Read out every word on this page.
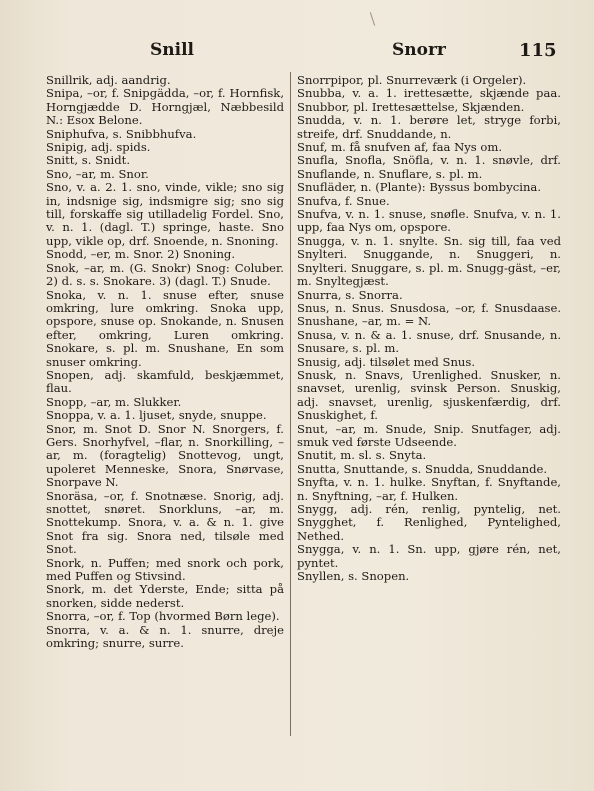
Snill	Snorr	115

Snillrik, adj. aandrig.

Snipa, –or, f. Snipgädda, –or, f. Hornfisk, Horngjædde D. Horngjæl, Næbbesild N.: Esox Belone.

Sniphufva, s. Snibbhufva.

Snipig, adj. spids.

Snitt, s. Snidt.

Sno, –ar, m. Snor.

Sno, v. a. 2. 1. sno, vinde, vikle; sno sig in, indsnige sig, indsmigre sig; sno sig till, forskaffe sig utilladelig Fordel. Sno, v. n. 1. (dagl. T.) springe, haste. Sno upp, vikle op, drf. Snoende, n. Snoning.

Snodd, –er, m. Snor. 2) Snoning.

Snok, –ar, m. (G. Snokr) Snog: Coluber. 2) d. s. s. Snokare. 3) (dagl. T.) Snude.

Snoka, v. n. 1. snuse efter, snuse omkring, lure omkring. Snoka upp, opspore, snuse op. Snokande, n. Snusen efter, omkring, Luren omkring. Snokare, s. pl. m. Snushane, En som snuser omkring.

Snopen, adj. skamfuld, beskjæmmet, flau.

Snopp, –ar, m. Slukker.

Snoppa, v. a. 1. ljuset, snyde, snuppe.

Snor, m. Snot D. Snor N. Snorgers, f. Gers. Snorhyfvel, –flar, n. Snorkilling, –ar, m. (foragtelig) Snottevog, ungt, upoleret Menneske, Snora, Snørvase, Snorpave N.

Snoräsa, –or, f. Snotnæse. Snorig, adj. snottet, snøret. Snorkluns, –ar, m. Snottekump. Snora, v. a. & n. 1. give Snot fra sig. Snora ned, tilsøle med Snot.

Snork, n. Puffen; med snork och pork, med Puffen og Stivsind.

Snork, m. det Yderste, Ende; sitta på snorken, sidde nederst.

Snorra, –or, f. Top (hvormed Børn lege).

Snorra, v. a. & n. 1. snurre, dreje omkring; snurre, surre.

Snorrpipor, pl. Snurreværk (i Orgeler).

Snubba, v. a. 1. irettesætte, skjænde paa. Snubbor, pl. Irettesættelse, Skjænden.

Snudda, v. n. 1. berøre let, stryge forbi, streife, drf. Snuddande, n.

Snuf, m. få snufven af, faa Nys om.

Snufla, Snofla, Snöfla, v. n. 1. snøvle, drf. Snuflande, n. Snuflare, s. pl. m.

Snufläder, n. (Plante): Byssus bombycina.

Snufva, f. Snue.

Snufva, v. n. 1. snuse, snøfle. Snufva, v. n. 1. upp, faa Nys om, opspore.

Snugga, v. n. 1. snylte. Sn. sig till, faa ved Snylteri. Snuggande, n. Snuggeri, n. Snylteri. Snuggare, s. pl. m. Snugg-gäst, –er, m. Snyltegjæst.

Snurra, s. Snorra.

Snus, n. Snus. Snusdosa, –or, f. Snusdaase. Snushane, –ar, m. = N.

Snusa, v. n. & a. 1. snuse, drf. Snusande, n. Snusare, s. pl. m.

Snusig, adj. tilsølet med Snus.

Snusk, n. Snavs, Urenlighed. Snusker, n. snavset, urenlig, svinsk Person. Snuskig, adj. snavset, urenlig, sjuskenfærdig, drf. Snuskighet, f.

Snut, –ar, m. Snude, Snip. Snutfager, adj. smuk ved første Udseende.

Snutit, m. sl. s. Snyta.

Snutta, Snuttande, s. Snudda, Snuddande.

Snyfta, v. n. 1. hulke. Snyftan, f. Snyftande, n. Snyftning, –ar, f. Hulken.

Snygg, adj. rén, renlig, pyntelig, net. Snygghet, f. Renlighed, Pyntelighed, Nethed.

Snygga, v. n. 1. Sn. upp, gjøre rén, net, pyntet.

Snyllen, s. Snopen.
